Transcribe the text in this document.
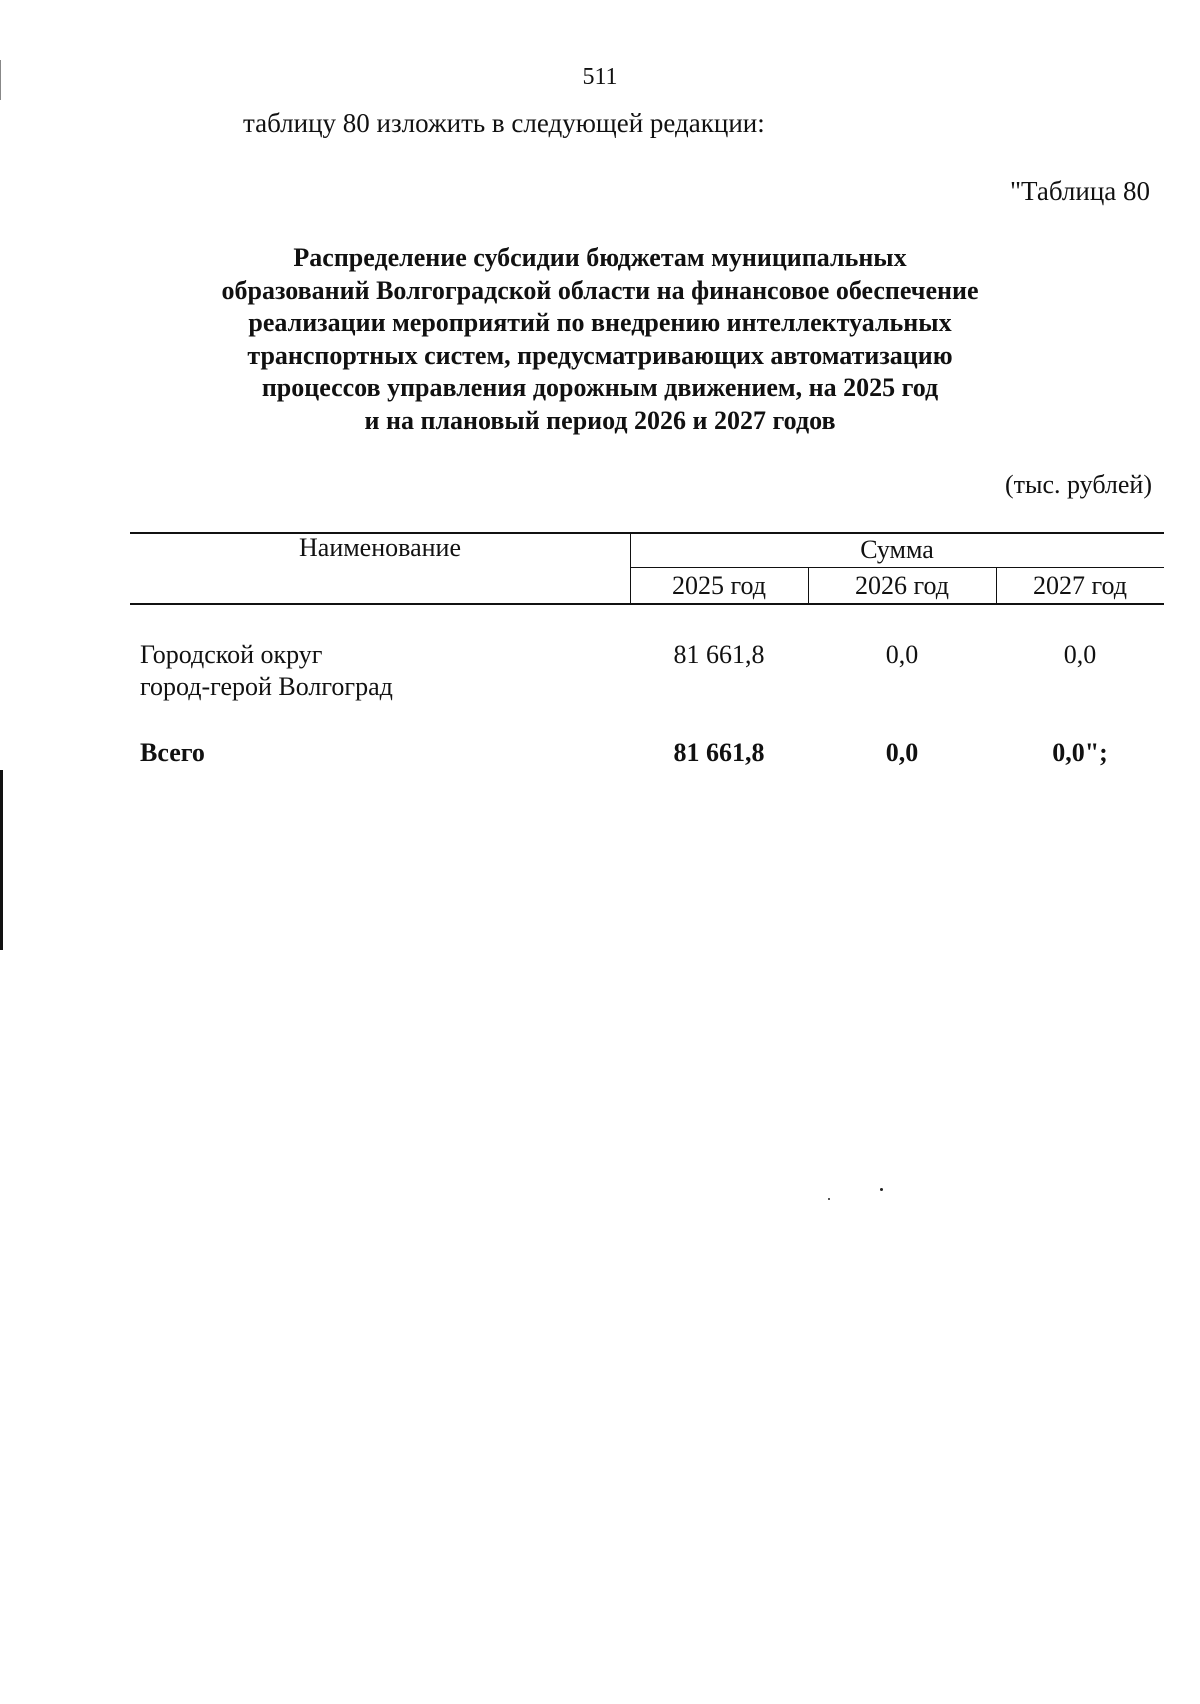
511
таблицу 80 изложить в следующей редакции:
"Таблица 80
Распределение субсидии бюджетам муниципальных
образований Волгоградской области на финансовое обеспечение
реализации мероприятий по внедрению интеллектуальных
транспортных систем, предусматривающих автоматизацию
процессов управления дорожным движением, на 2025 год
и на плановый период 2026 и 2027 годов
(тыс. рублей)
Наименование	Сумма
2025 год	2026 год	2027 год
Городской округ
город-герой Волгоград
81 661,8	0,0	0,0
Всего	81 661,8	0,0	0,0";
